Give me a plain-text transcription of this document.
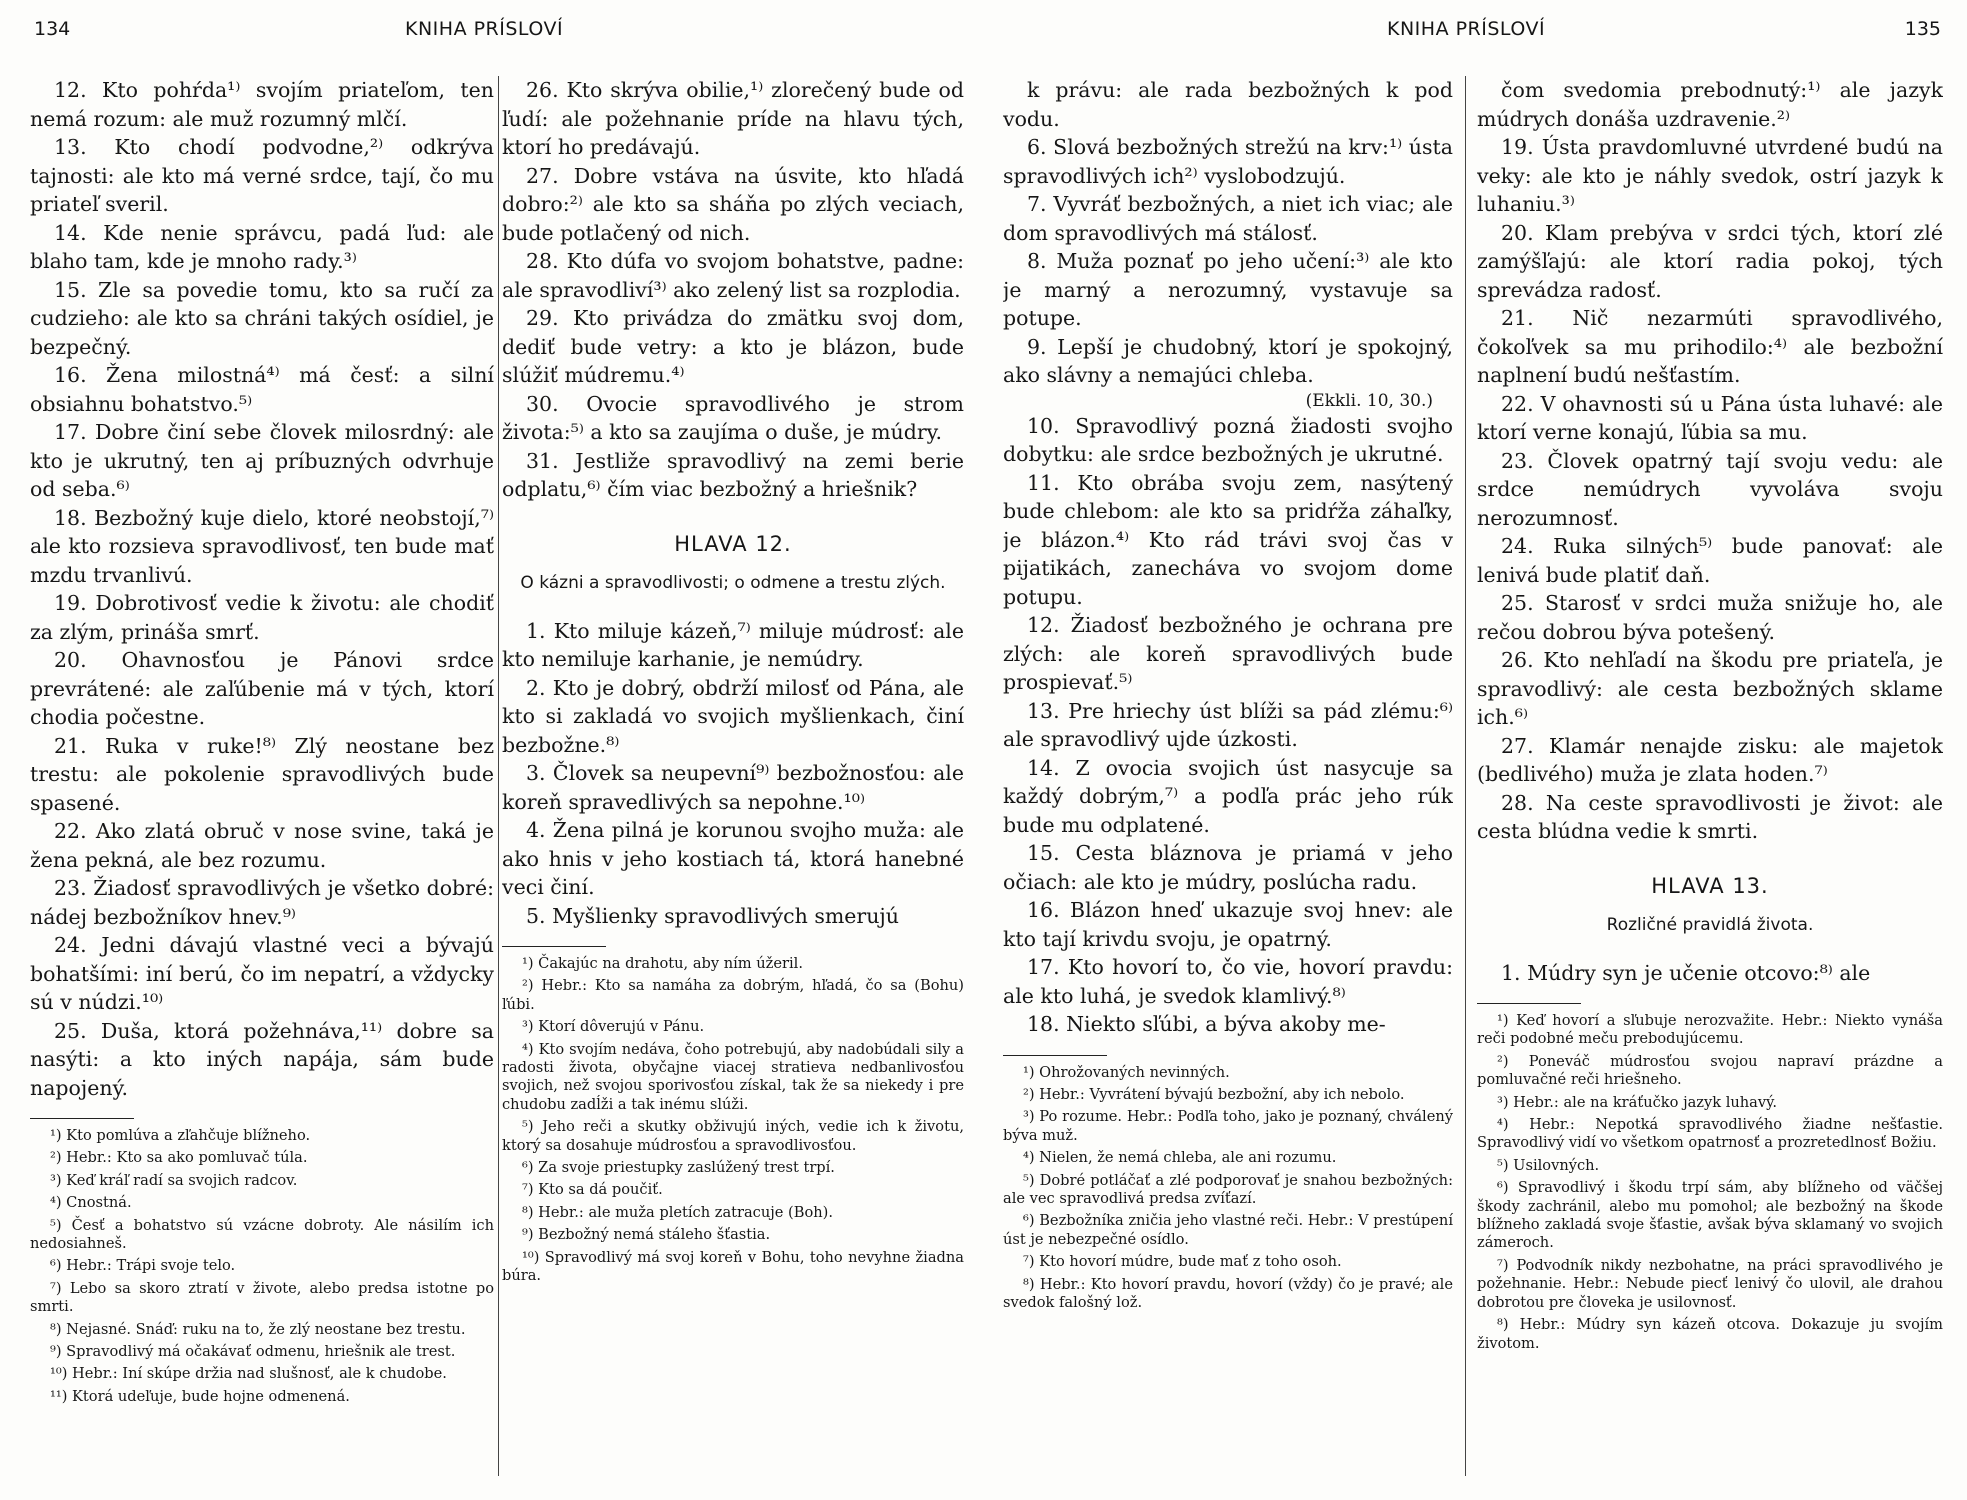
134	KNIHA PRÍSLOVÍ

12. Kto pohŕda¹⁾ svojím priateľom, ten nemá rozum: ale muž rozumný mlčí.

13. Kto chodí podvodne,²⁾ odkrýva tajnosti: ale kto má verné srdce, tají, čo mu priateľ sveril.

14. Kde nenie správcu, padá ľud: ale blaho tam, kde je mnoho rady.³⁾

15. Zle sa povedie tomu, kto sa ručí za cudzieho: ale kto sa chráni takých osídiel, je bezpečný.

16. Žena milostná⁴⁾ má česť: a silní obsiahnu bohatstvo.⁵⁾

17. Dobre činí sebe človek milosrdný: ale kto je ukrutný, ten aj príbuzných odvrhuje od seba.⁶⁾

18. Bezbožný kuje dielo, ktoré neobstojí,⁷⁾ ale kto rozsieva spravodlivosť, ten bude mať mzdu trvanlivú.

19. Dobrotivosť vedie k životu: ale chodiť za zlým, prináša smrť.

20. Ohavnosťou je Pánovi srdce prevrátené: ale zaľúbenie má v tých, ktorí chodia počestne.

21. Ruka v ruke!⁸⁾ Zlý neostane bez trestu: ale pokolenie spravodlivých bude spasené.

22. Ako zlatá obruč v nose svine, taká je žena pekná, ale bez rozumu.

23. Žiadosť spravodlivých je všetko dobré: nádej bezbožníkov hnev.⁹⁾

24. Jedni dávajú vlastné veci a bývajú bohatšími: iní berú, čo im nepatrí, a vždycky sú v núdzi.¹⁰⁾

25. Duša, ktorá požehnáva,¹¹⁾ dobre sa nasýti: a kto iných napája, sám bude napojený.

¹) Kto pomlúva a zľahčuje blížneho.

²) Hebr.: Kto sa ako pomluvač túla.

³) Keď kráľ radí sa svojich radcov.

⁴) Cnostná.

⁵) Česť a bohatstvo sú vzácne dobroty. Ale násilím ich nedosiahneš.

⁶) Hebr.: Trápi svoje telo.

⁷) Lebo sa skoro ztratí v živote, alebo predsa istotne po smrti.

⁸) Nejasné. Snáď: ruku na to, že zlý neostane bez trestu.

⁹) Spravodlivý má očakávať odmenu, hriešnik ale trest.

¹⁰) Hebr.: Iní skúpe držia nad slušnosť, ale k chudobe.

¹¹) Ktorá udeľuje, bude hojne odmenená.

26. Kto skrýva obilie,¹⁾ zlorečený bude od ľudí: ale požehnanie príde na hlavu tých, ktorí ho predávajú.

27. Dobre vstáva na úsvite, kto hľadá dobro:²⁾ ale kto sa sháňa po zlých veciach, bude potlačený od nich.

28. Kto dúfa vo svojom bohatstve, padne: ale spravodliví³⁾ ako zelený list sa rozplodia.

29. Kto privádza do zmätku svoj dom, dediť bude vetry: a kto je blázon, bude slúžiť múdremu.⁴⁾

30. Ovocie spravodlivého je strom života:⁵⁾ a kto sa zaujíma o duše, je múdry.

31. Jestliže spravodlivý na zemi berie odplatu,⁶⁾ čím viac bezbožný a hriešnik?

HLAVA 12.
O kázni a spravodlivosti; o odmene a trestu zlých.

1. Kto miluje kázeň,⁷⁾ miluje múdrosť: ale kto nemiluje karhanie, je nemúdry.

2. Kto je dobrý, obdrží milosť od Pána, ale kto si zakladá vo svojich myšlienkach, činí bezbožne.⁸⁾

3. Človek sa neupevní⁹⁾ bezbožnosťou: ale koreň spravedlivých sa nepohne.¹⁰⁾

4. Žena pilná je korunou svojho muža: ale ako hnis v jeho kostiach tá, ktorá hanebné veci činí.

5. Myšlienky spravodlivých smerujú

¹) Čakajúc na drahotu, aby ním úžeril.

²) Hebr.: Kto sa namáha za dobrým, hľadá, čo sa (Bohu) ľúbi.

³) Ktorí dôverujú v Pánu.

⁴) Kto svojím nedáva, čoho potrebujú, aby nadobúdali sily a radosti života, obyčajne viacej stratieva nedbanlivosťou svojich, než svojou sporivosťou získal, tak že sa niekedy i pre chudobu zadĺži a tak inému slúži.

⁵) Jeho reči a skutky obživujú iných, vedie ich k životu, ktorý sa dosahuje múdrosťou a spravodlivosťou.

⁶) Za svoje priestupky zaslúžený trest trpí.

⁷) Kto sa dá poučiť.

⁸) Hebr.: ale muža pletích zatracuje (Boh).

⁹) Bezbožný nemá stáleho šťastia.

¹⁰) Spravodlivý má svoj koreň v Bohu, toho nevyhne žiadna búra.

KNIHA PRÍSLOVÍ	135

k právu: ale rada bezbožných k pod vodu.

6. Slová bezbožných strežú na krv:¹⁾ ústa spravodlivých ich²⁾ vyslobodzujú.

7. Vyvráť bezbožných, a niet ich viac; ale dom spravodlivých má stálosť.

8. Muža poznať po jeho učení:³⁾ ale kto je marný a nerozumný, vystavuje sa potupe.

9. Lepší je chudobný, ktorí je spokojný, ako slávny a nemajúci chleba.

(Ekkli. 10, 30.)

10. Spravodlivý pozná žiadosti svojho dobytku: ale srdce bezbožných je ukrutné.

11. Kto obrába svoju zem, nasýtený bude chlebom: ale kto sa pridŕža záhaľky, je blázon.⁴⁾ Kto rád trávi svoj čas v pijatikách, zanecháva vo svojom dome potupu.

12. Žiadosť bezbožného je ochrana pre zlých: ale koreň spravodlivých bude prospievať.⁵⁾

13. Pre hriechy úst blíži sa pád zlému:⁶⁾ ale spravodlivý ujde úzkosti.

14. Z ovocia svojich úst nasycuje sa každý dobrým,⁷⁾ a podľa prác jeho rúk bude mu odplatené.

15. Cesta bláznova je priamá v jeho očiach: ale kto je múdry, poslúcha radu.

16. Blázon hneď ukazuje svoj hnev: ale kto tají krivdu svoju, je opatrný.

17. Kto hovorí to, čo vie, hovorí pravdu: ale kto luhá, je svedok klamlivý.⁸⁾

18. Niekto sľúbi, a býva akoby me-

¹) Ohrožovaných nevinných.

²) Hebr.: Vyvrátení bývajú bezbožní, aby ich nebolo.

³) Po rozume. Hebr.: Podľa toho, jako je poznaný, chválený býva muž.

⁴) Nielen, že nemá chleba, ale ani rozumu.

⁵) Dobré potláčať a zlé podporovať je snahou bezbožných: ale vec spravodlivá predsa zvíťazí.

⁶) Bezbožníka zničia jeho vlastné reči. Hebr.: V prestúpení úst je nebezpečné osídlo.

⁷) Kto hovorí múdre, bude mať z toho osoh.

⁸) Hebr.: Kto hovorí pravdu, hovorí (vždy) čo je pravé; ale svedok falošný lož.

čom svedomia prebodnutý:¹⁾ ale jazyk múdrych donáša uzdravenie.²⁾

19. Ústa pravdomluvné utvrdené budú na veky: ale kto je náhly svedok, ostrí jazyk k luhaniu.³⁾

20. Klam prebýva v srdci tých, ktorí zlé zamýšľajú: ale ktorí radia pokoj, tých sprevádza radosť.

21. Nič nezarmúti spravodlivého, čokoľvek sa mu prihodilo:⁴⁾ ale bezbožní naplnení budú nešťastím.

22. V ohavnosti sú u Pána ústa luhavé: ale ktorí verne konajú, ľúbia sa mu.

23. Človek opatrný tají svoju vedu: ale srdce nemúdrych vyvoláva svoju nerozumnosť.

24. Ruka silných⁵⁾ bude panovať: ale lenivá bude platiť daň.

25. Starosť v srdci muža snižuje ho, ale rečou dobrou býva potešený.

26. Kto nehľadí na škodu pre priateľa, je spravodlivý: ale cesta bezbožných sklame ich.⁶⁾

27. Klamár nenajde zisku: ale majetok (bedlivého) muža je zlata hoden.⁷⁾

28. Na ceste spravodlivosti je život: ale cesta blúdna vedie k smrti.

HLAVA 13.
Rozličné pravidlá života.

1. Múdry syn je učenie otcovo:⁸⁾ ale

¹) Keď hovorí a sľubuje nerozvažite. Hebr.: Niekto vynáša reči podobné meču prebodujúcemu.

²) Poneváč múdrosťou svojou napraví prázdne a pomluvačné reči hriešneho.

³) Hebr.: ale na kráťučko jazyk luhavý.

⁴) Hebr.: Nepotká spravodlivého žiadne nešťastie. Spravodlivý vidí vo všetkom opatrnosť a prozretedlnosť Božiu.

⁵) Usilovných.

⁶) Spravodlivý i škodu trpí sám, aby blížneho od väčšej škody zachránil, alebo mu pomohol; ale bezbožný na škode blížneho zakladá svoje šťastie, avšak býva sklamaný vo svojich zámeroch.

⁷) Podvodník nikdy nezbohatne, na práci spravodlivého je požehnanie. Hebr.: Nebude piecť lenivý čo ulovil, ale drahou dobrotou pre človeka je usilovnosť.

⁸) Hebr.: Múdry syn kázeň otcova. Dokazuje ju svojím životom.
